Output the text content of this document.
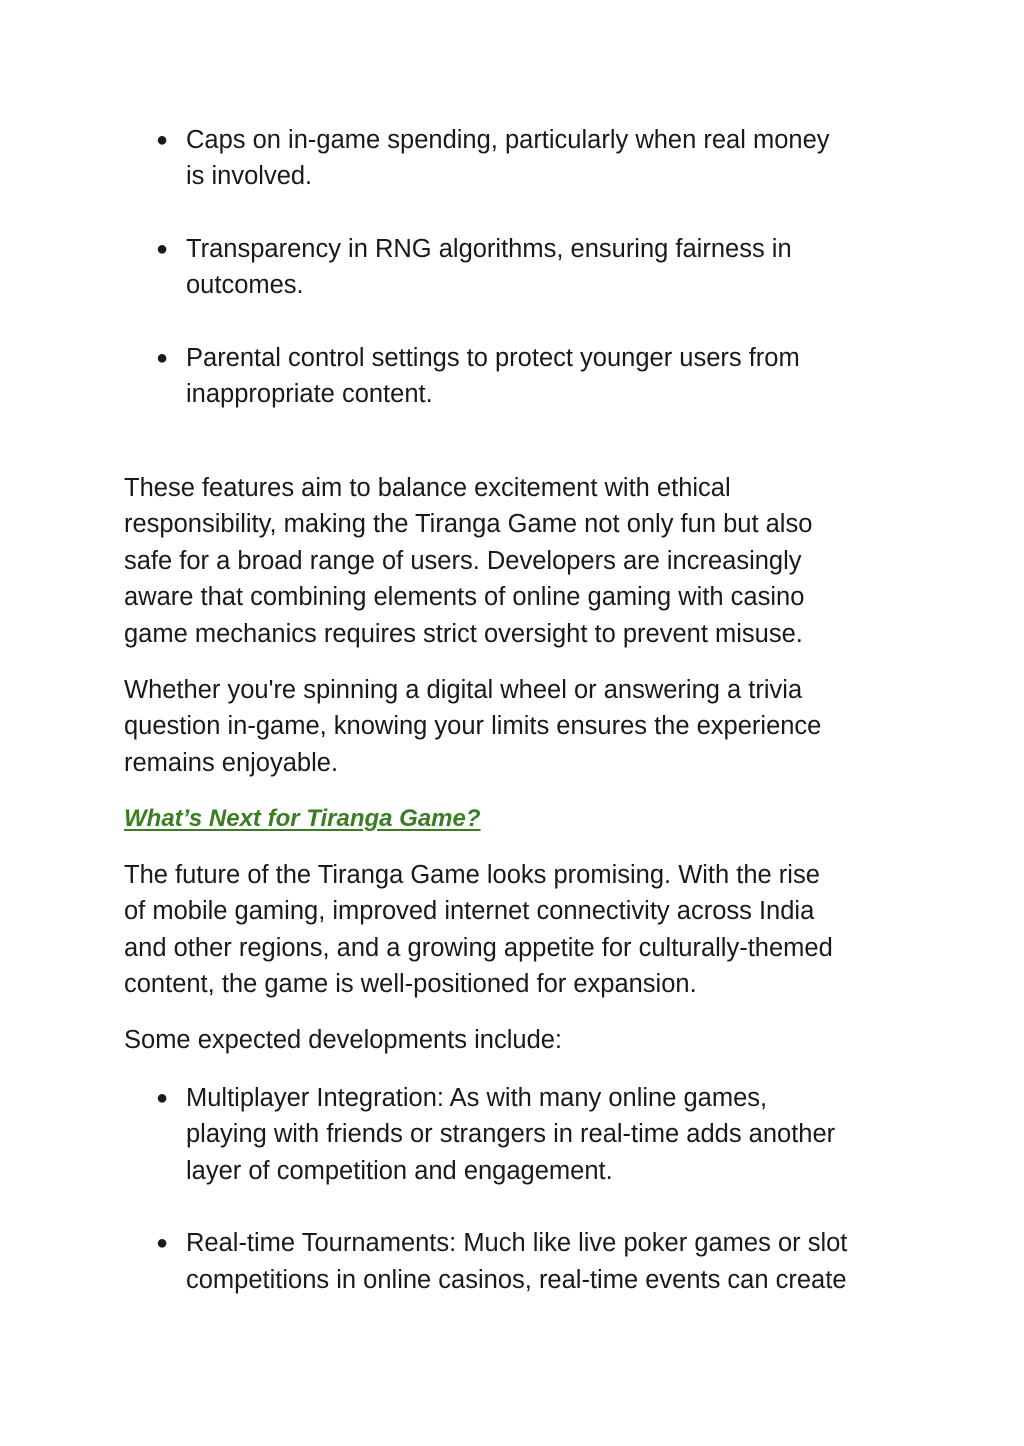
● Caps on in-game spending, particularly when real money
is involved.
● Transparency in RNG algorithms, ensuring fairness in
outcomes.
● Parental control settings to protect younger users from
inappropriate content.
These features aim to balance excitement with ethical
responsibility, making the Tiranga Game not only fun but also
safe for a broad range of users. Developers are increasingly
aware that combining elements of online gaming with casino
game mechanics requires strict oversight to prevent misuse.
Whether you're spinning a digital wheel or answering a trivia
question in-game, knowing your limits ensures the experience
remains enjoyable.
What’s Next for Tiranga Game?
The future of the Tiranga Game looks promising. With the rise
of mobile gaming, improved internet connectivity across India
and other regions, and a growing appetite for culturally-themed
content, the game is well-positioned for expansion.
Some expected developments include:
● Multiplayer Integration: As with many online games,
playing with friends or strangers in real-time adds another
layer of competition and engagement.
● Real-time Tournaments: Much like live poker games or slot
competitions in online casinos, real-time events can create
